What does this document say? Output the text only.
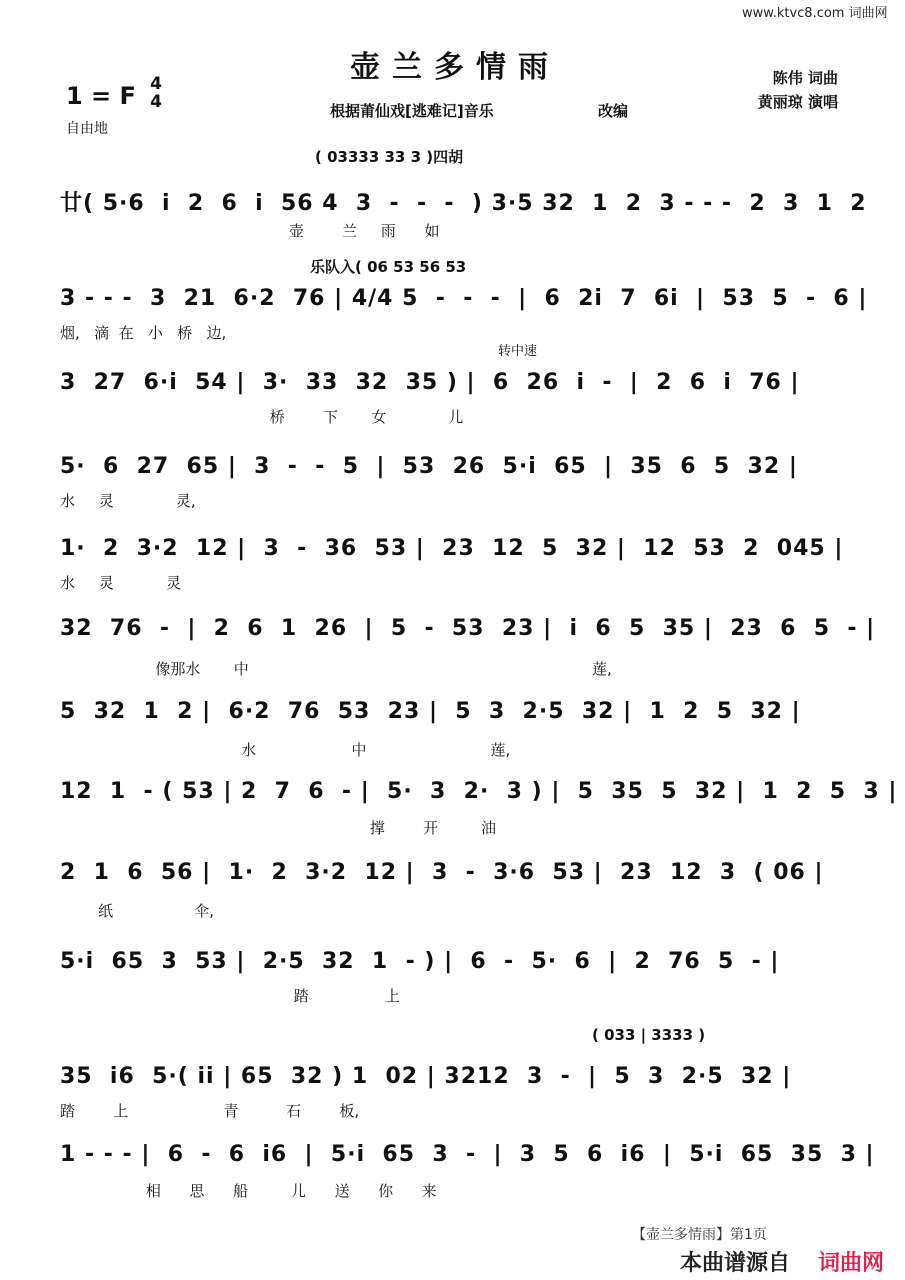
www.ktvc8.com 词曲网
壶兰多情雨
根据莆仙戏[逃难记]音乐	改编
陈伟 词曲
黄丽琼 演唱
1 = F 4
4
自由地
( 03333 33 3 )四胡
廿( 5·6  i  2  6  i  56 4  3  -  -  -  ) 3·5 32  1  2  3 - - -  2  3  1  2
壶        兰     雨      如
乐队入( 06 53 56 53
3 - - -  3  21  6·2  76 | 4/4 5  -  -  -  |  6  2i  7  6i  |  53  5  -  6 |
烟,   滴  在   小   桥   边,
转中速
3  27  6·i  54 |  3·  33  32  35 ) |  6  26  i  -  |  2  6  i  76 |
桥        下       女             儿
5·  6  27  65 |  3  -  -  5  |  53  26  5·i  65  |  35  6  5  32 |
水     灵             灵,
1·  2  3·2  12 |  3  -  36  53 |  23  12  5  32 |  12  53  2  045 |
水     灵           灵
32  76  -  |  2  6  1  26  |  5  -  53  23 |  i  6  5  35 |  23  6  5  - |
像那水       中                                                                        莲,
5  32  1  2 |  6·2  76  53  23 |  5  3  2·5  32 |  1  2  5  32 |
水                    中                          莲,
12  1  - ( 53 | 2  7  6  - |  5·  3  2·  3 ) |  5  35  5  32 |  1  2  5  3 |
撑        开         油
2  1  6  56 |  1·  2  3·2  12 |  3  -  3·6  53 |  23  12  3  ( 06 |
纸                 伞,
5·i  65  3  53 |  2·5  32  1  - ) |  6  -  5·  6  |  2  76  5  - |
踏                上
( 033 | 3333 )
35  i6  5·( ii | 65  32 ) 1  02 | 3212  3  -  |  5  3  2·5  32 |
踏        上                    青          石        板,
1 - - - |  6  -  6  i6  |  5·i  65  3  -  |  3  5  6  i6  |  5·i  65  35  3 |
相      思      船         儿      送      你      来
【壶兰多情雨】第1页
本曲谱源自 词曲网
